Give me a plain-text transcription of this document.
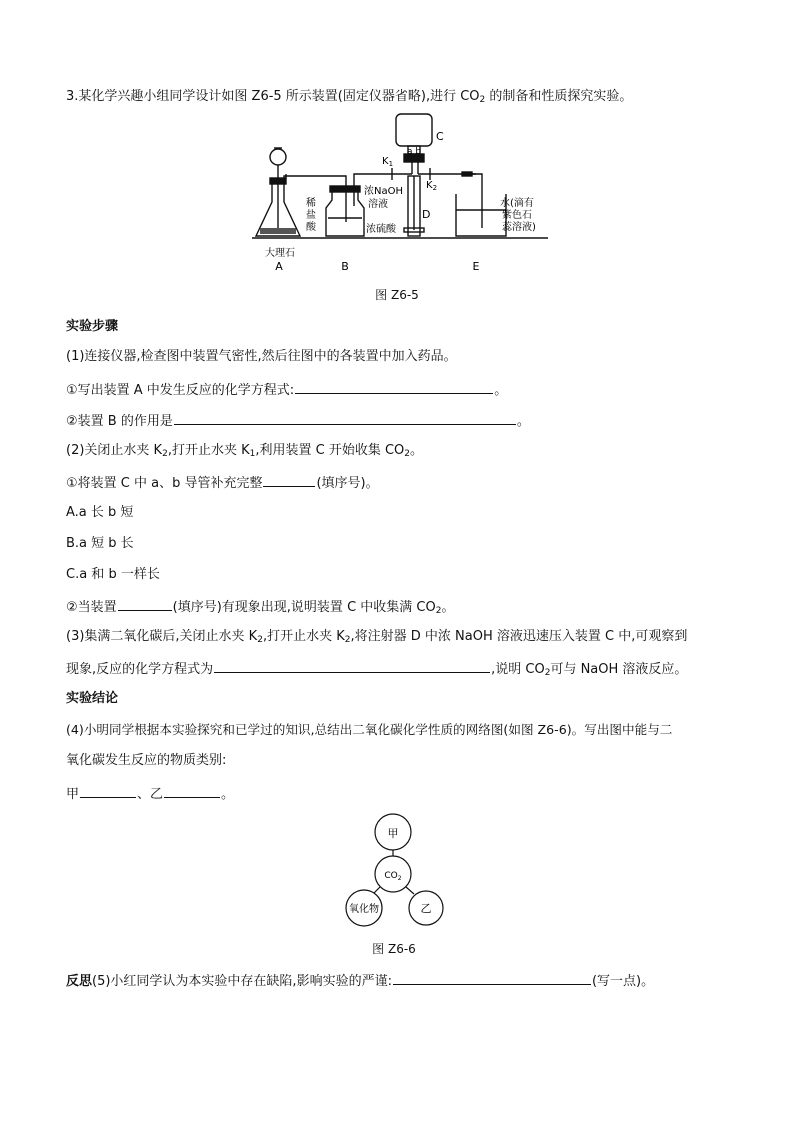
3.某化学兴趣小组同学设计如图 Z6-5 所示装置(固定仪器省略),进行 $CO_2$ 的制备和性质探究实验。
A
大理石
稀
盐
酸
B
浓NaOH
溶液
浓硫酸
$K_1$
$K_2$
a b
C
D
水(滴有
紫色石
蕊溶液)
E
图 Z6-5
实验步骤
(1)连接仪器,检查图中装置气密性,然后往图中的各装置中加入药品。
①写出装置 A 中发生反应的化学方程式:	。
②装置 B 的作用是	。
(2)关闭止水夹 $K_2$,打开止水夹 $K_1$,利用装置 C 开始收集 $CO_2$。
①将装置 C 中 a、b 导管补充完整	(填序号)。
A.a 长 b 短
B.a 短 b 长
C.a 和 b 一样长
②当装置	(填序号)有现象出现,说明装置 C 中收集满 $CO_2$。
(3)集满二氧化碳后,关闭止水夹 $K_2$,打开止水夹 $K_2$,将注射器 D 中浓 NaOH 溶液迅速压入装置 C 中,可观察到
现象,反应的化学方程式为	,说明 $CO_2$可与 NaOH 溶液反应。
实验结论
(4)小明同学根据本实验探究和已学过的知识,总结出二氧化碳化学性质的网络图(如图 Z6-6)。写出图中能与二
氧化碳发生反应的物质类别:
甲	、乙	。
甲
$CO_2$
氧化物	乙
图 Z6-6
反思(5)小红同学认为本实验中存在缺陷,影响实验的严谨:	(写一点)。
